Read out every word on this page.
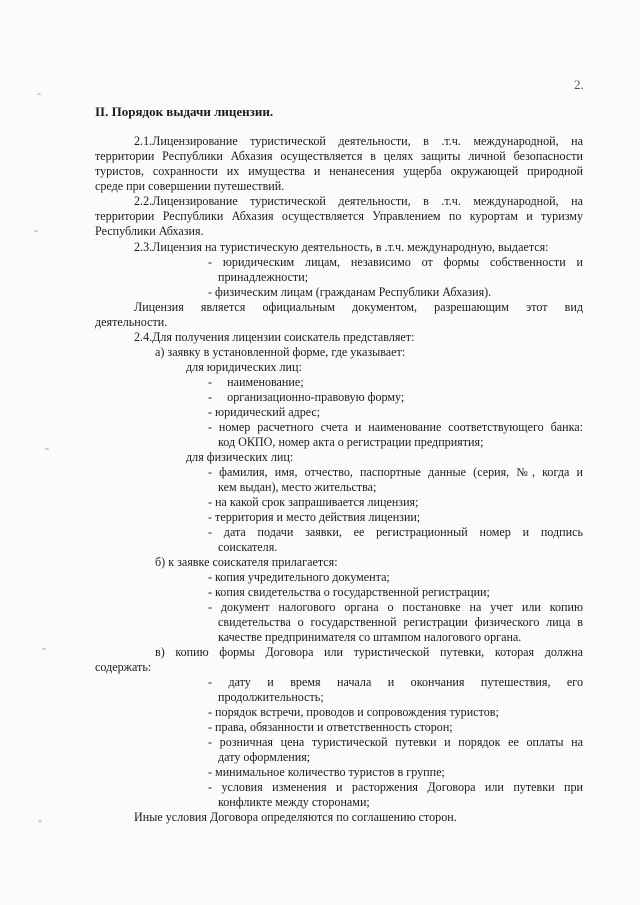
2.
II. Порядок выдачи лицензии.
2.1.Лицензирование туристической деятельности, в .т.ч. международной, на
территории Республики Абхазия осуществляется в целях защиты личной безопасности
туристов, сохранности их имущества и ненанесения ущерба окружающей природной
среде при совершении путешествий.
2.2.Лицензирование туристической деятельности, в .т.ч. международной, на
территории Республики Абхазия осуществляется Управлением по курортам и туризму
Республики Абхазия.
2.3.Лицензия на туристическую деятельность, в .т.ч. международную, выдается:
- юридическим лицам, независимо от формы собственности и
принадлежности;
- физическим лицам (гражданам Республики Абхазия).
Лицензия является официальным документом, разрешающим этот вид
деятельности.
2.4.Для получения лицензии соискатель представляет:
а) заявку в установленной форме, где указывает:
для юридических лиц:
-     наименование;
-     организационно-правовую форму;
- юридический адрес;
- номер расчетного счета и наименование соответствующего банка:
код ОКПО, номер акта о регистрации предприятия;
для физических лиц:
- фамилия, имя, отчество, паспортные данные (серия, №, когда и
кем выдан), место жительства;
- на какой срок запрашивается лицензия;
- территория и место действия лицензии;
- дата подачи заявки, ее регистрационный номер и подпись
соискателя.
б) к заявке соискателя прилагается:
- копия учредительного документа;
- копия свидетельства о государственной регистрации;
- документ налогового органа о постановке на учет или копию
свидетельства о государственной регистрации физического лица в
качестве предпринимателя со штампом налогового органа.
в) копию формы Договора или туристической путевки, которая должна
содержать:
- дату и время начала и окончания путешествия, его
продолжительность;
- порядок встречи, проводов и сопровождения туристов;
- права, обязанности и ответственность сторон;
- розничная цена туристической путевки и порядок ее оплаты на
дату оформления;
- минимальное количество туристов в группе;
- условия изменения и расторжения Договора или путевки при
конфликте между сторонами;
Иные условия Договора определяются по соглашению сторон.
